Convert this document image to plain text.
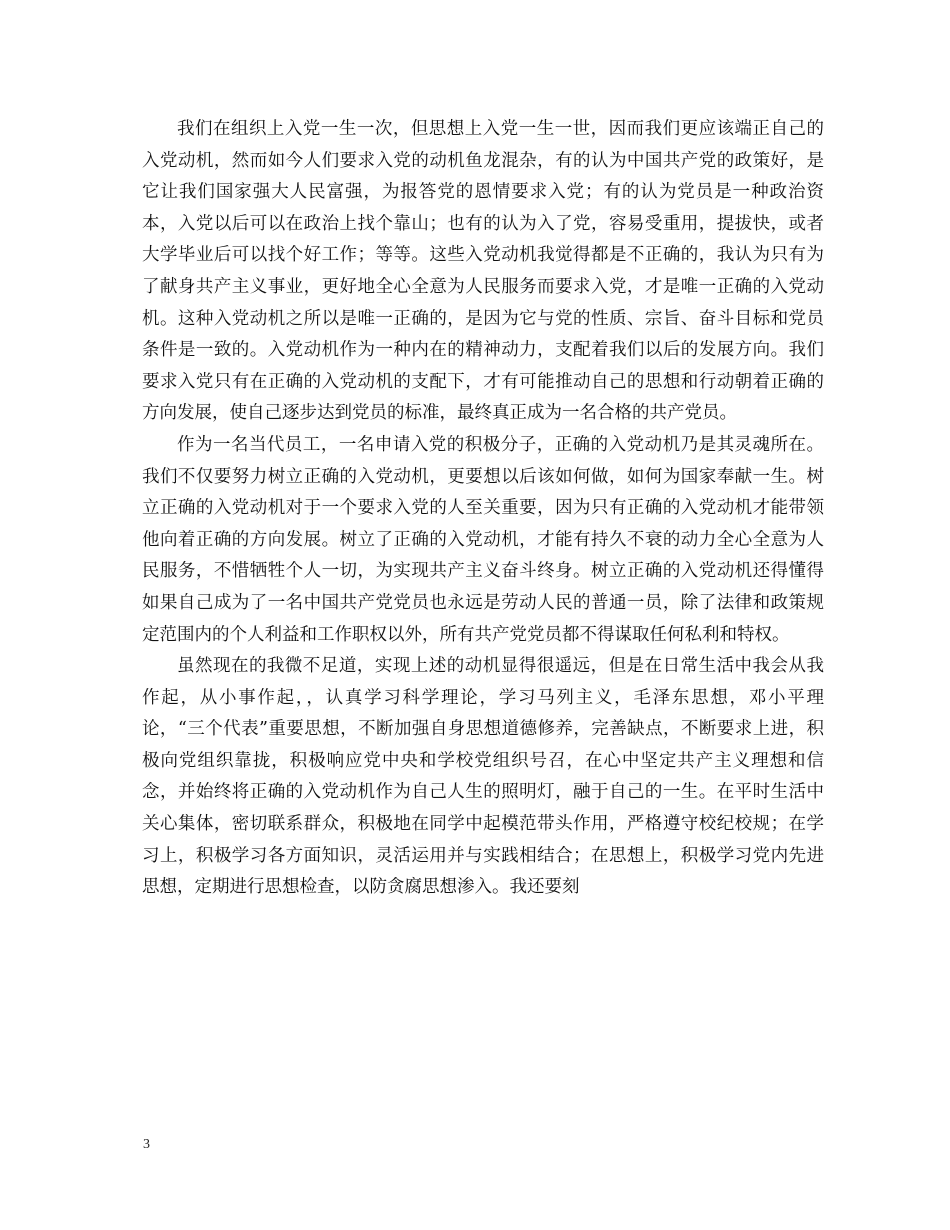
我们在组织上入党一生一次，但思想上入党一生一世，因而我们更应该端正自己的入党动机，然而如今人们要求入党的动机鱼龙混杂，有的认为中国共产党的政策好，是它让我们国家强大人民富强，为报答党的恩情要求入党；有的认为党员是一种政治资本，入党以后可以在政治上找个靠山；也有的认为入了党，容易受重用，提拔快，或者大学毕业后可以找个好工作；等等。这些入党动机我觉得都是不正确的，我认为只有为了献身共产主义事业，更好地全心全意为人民服务而要求入党，才是唯一正确的入党动机。这种入党动机之所以是唯一正确的，是因为它与党的性质、宗旨、奋斗目标和党员条件是一致的。入党动机作为一种内在的精神动力，支配着我们以后的发展方向。我们要求入党只有在正确的入党动机的支配下，才有可能推动自己的思想和行动朝着正确的方向发展，使自己逐步达到党员的标准，最终真正成为一名合格的共产党员。

作为一名当代员工，一名申请入党的积极分子，正确的入党动机乃是其灵魂所在。我们不仅要努力树立正确的入党动机，更要想以后该如何做，如何为国家奉献一生。树立正确的入党动机对于一个要求入党的人至关重要，因为只有正确的入党动机才能带领他向着正确的方向发展。树立了正确的入党动机，才能有持久不衰的动力全心全意为人民服务，不惜牺牲个人一切，为实现共产主义奋斗终身。树立正确的入党动机还得懂得如果自己成为了一名中国共产党党员也永远是劳动人民的普通一员，除了法律和政策规定范围内的个人利益和工作职权以外，所有共产党党员都不得谋取任何私利和特权。

虽然现在的我微不足道，实现上述的动机显得很遥远，但是在日常生活中我会从我作起，从小事作起，，认真学习科学理论，学习马列主义，毛泽东思想，邓小平理论，“三个代表”重要思想，不断加强自身思想道德修养，完善缺点，不断要求上进，积极向党组织靠拢，积极响应党中央和学校党组织号召，在心中坚定共产主义理想和信念，并始终将正确的入党动机作为自己人生的照明灯，融于自己的一生。在平时生活中关心集体，密切联系群众，积极地在同学中起模范带头作用，严格遵守校纪校规；在学习上，积极学习各方面知识，灵活运用并与实践相结合；在思想上，积极学习党内先进思想，定期进行思想检查，以防贪腐思想渗入。我还要刻

3
